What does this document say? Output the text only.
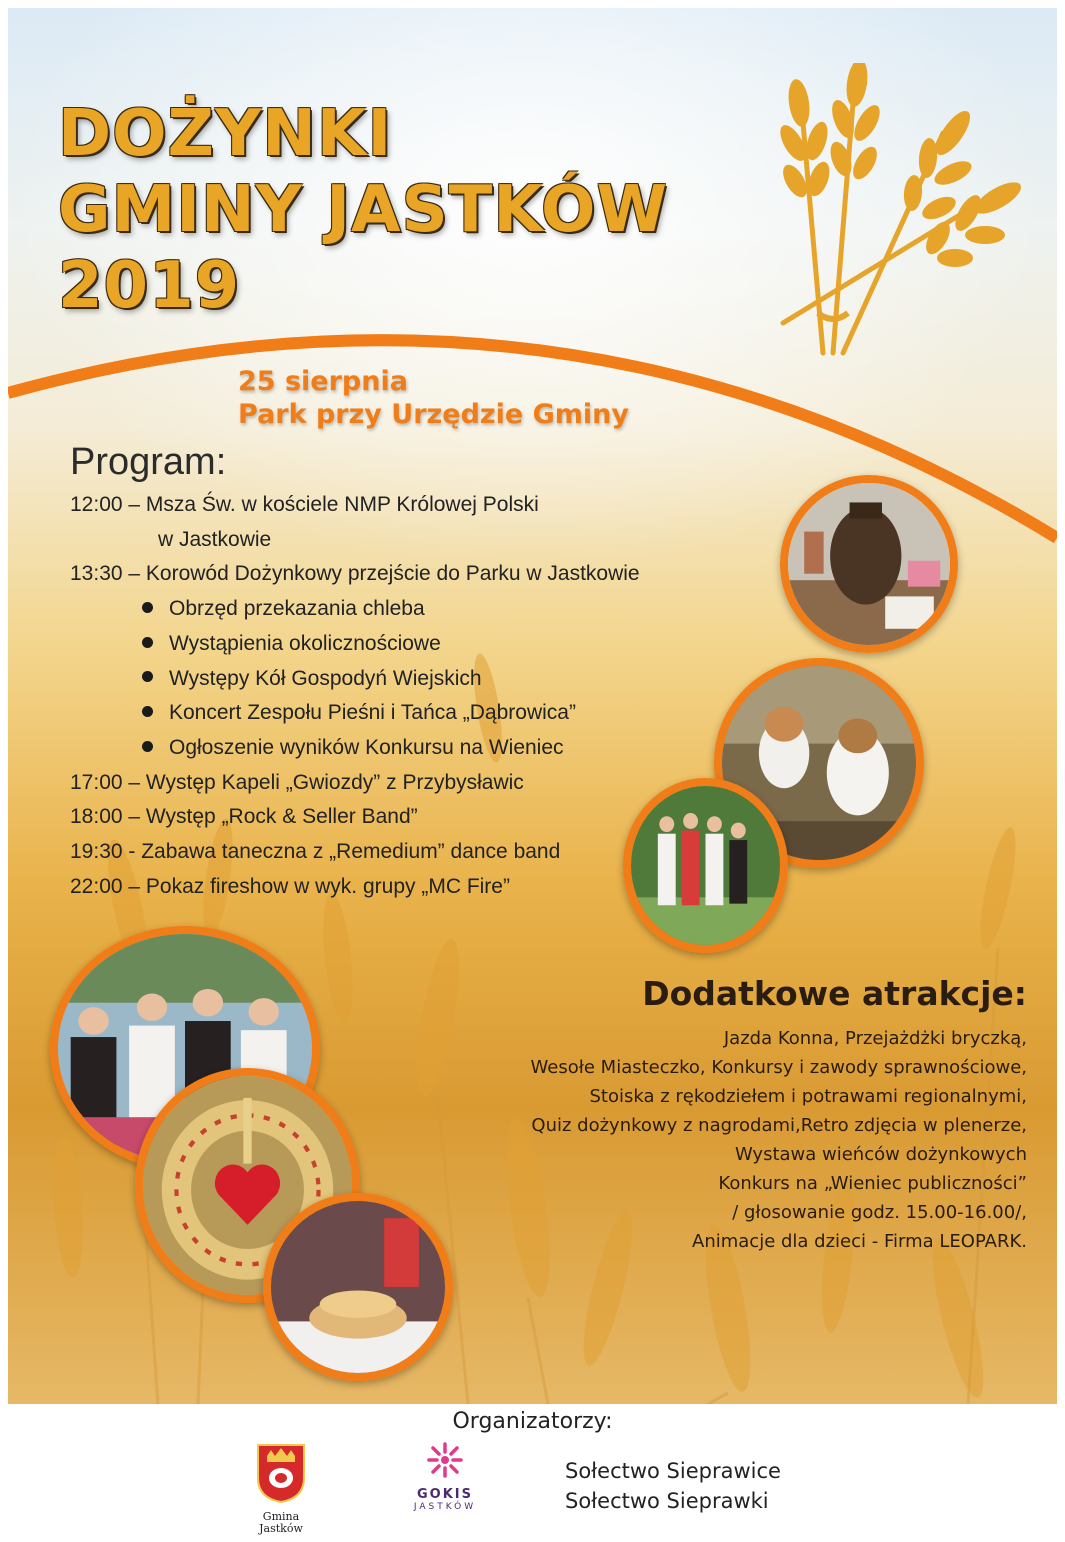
DOŻYNKI
GMINY JASTKÓW
2019
25 sierpnia
Park przy Urzędzie Gminy
Program:
12:00 – Msza Św. w kościele NMP Królowej Polski
w Jastkowie
13:30 – Korowód Dożynkowy przejście do Parku w Jastkowie
Obrzęd przekazania chleba
Wystąpienia okolicznościowe
Występy Kół Gospodyń Wiejskich
Koncert Zespołu Pieśni i Tańca „Dąbrowica”
Ogłoszenie wyników Konkursu na Wieniec
17:00 – Występ Kapeli „Gwiozdy” z Przybysławic
18:00 – Występ „Rock & Seller Band”
19:30 - Zabawa taneczna z „Remedium” dance band
22:00 – Pokaz fireshow w wyk. grupy „MC Fire”
Dodatkowe atrakcje:
Jazda Konna, Przejażdżki bryczką,
Wesołe Miasteczko, Konkursy i zawody sprawnościowe,
Stoiska z rękodziełem i potrawami regionalnymi,
Quiz dożynkowy z nagrodami,Retro zdjęcia w plenerze,
Wystawa wieńców dożynkowych
Konkurs na „Wieniec publiczności”
/ głosowanie godz. 15.00-16.00/,
Animacje dla dzieci - Firma LEOPARK.
Organizatorzy:
Gmina Jastków
GOKIS
JASTKÓW
Sołectwo Sieprawice
Sołectwo Sieprawki
